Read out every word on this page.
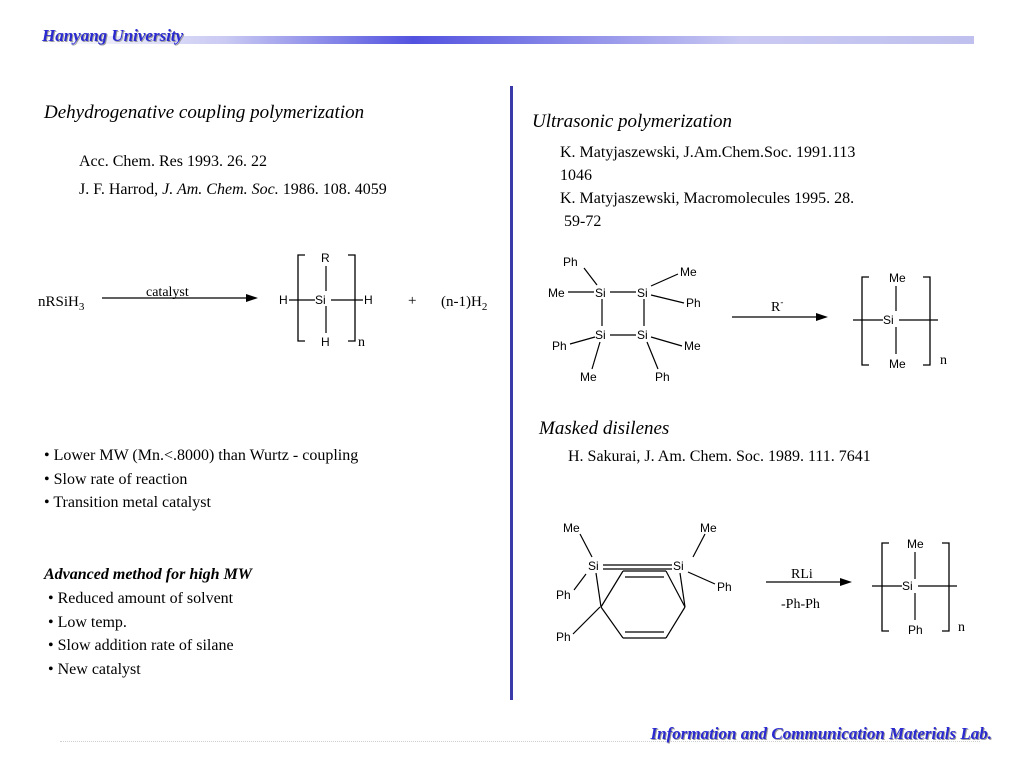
Hanyang University
Dehydrogenative coupling polymerization
Acc. Chem. Res 1993. 26. 22
J. F. Harrod, J. Am. Chem. Soc. 1986. 108. 4059
nRSiH$_3$
catalyst
R
H Si	H
H n
+ $(n-1)H_2$
• Lower MW (Mn.<.8000) than Wurtz - coupling
• Slow rate of reaction
• Transition metal catalyst
Advanced method for high MW
• Reduced amount of solvent
• Low temp.
• Slow addition rate of silane
• New catalyst
Ultrasonic polymerization
K. Matyjaszewski, J.Am.Chem.Soc. 1991.113
1046
K. Matyjaszewski, Macromolecules 1995. 28.
59-72
Ph
Me
Me
Ph
Ph	Me
Me	Ph
Si	Si
Si	Si
R-
Me
Si
Me n
Masked disilenes
H. Sakurai, J. Am. Chem. Soc. 1989. 111. 7641
Me	Me
Si	Si
Ph
Ph
Ph
RLi
-Ph-Ph
Me
Si
Ph	n
Information and Communication Materials Lab.
